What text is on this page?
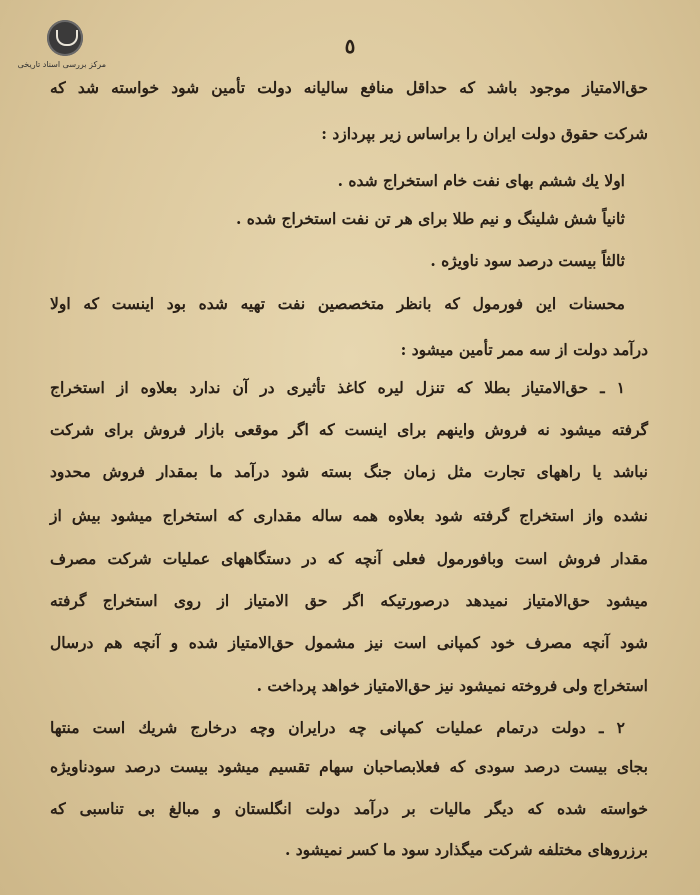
مرکز بررسی اسناد تاریخی
٥
حق‌الامتیاز موجود باشد که حداقل منافع سالیانه دولت تأمین شود خواسته شد که
شرکت حقوق دولت ایران را براساس زیر بپردازد :
اولا یك ششم بهای نفت خام استخراج شده .
ثانیاً شش شلینگ و نیم طلا برای هر تن نفت استخراج شده .
ثالثاً بیست درصد سود ناویژه .
محسنات این فورمول که بانظر متخصصین نفت تهیه شده بود اینست که اولا
درآمد دولت از سه ممر تأمین میشود :
۱ ـ حق‌الامتیاز بطلا که تنزل لیره کاغذ تأثیری در آن ندارد بعلاوه از استخراج
گرفته میشود نه فروش واینهم برای اینست که اگر موقعی بازار فروش برای شرکت
نباشد یا راههای تجارت مثل زمان جنگ بسته شود درآمد ما بمقدار فروش محدود
نشده واز استخراج گرفته شود بعلاوه همه ساله مقداری که استخراج میشود بیش از
مقدار فروش است وبافورمول فعلی آنچه که در دستگاههای عملیات شرکت مصرف
میشود حق‌الامتیاز نمیدهد درصورتیکه اگر حق الامتیاز از روی استخراج گرفته
شود آنچه مصرف خود کمپانی است نیز مشمول حق‌الامتیاز شده و آنچه هم درسال
استخراج ولی فروخته نمیشود نیز حق‌الامتیاز خواهد پرداخت .
۲ ـ دولت درتمام عملیات کمپانی چه درایران وچه درخارج شریك است منتها
بجای بیست درصد سودی که فعلابصاحبان سهام تقسیم میشود بیست درصد سودناویژه
خواسته شده که دیگر مالیات بر درآمد دولت انگلستان و مبالغ بی تناسبی که
برزروهای مختلفه شرکت میگذارد سود ما کسر نمیشود .
